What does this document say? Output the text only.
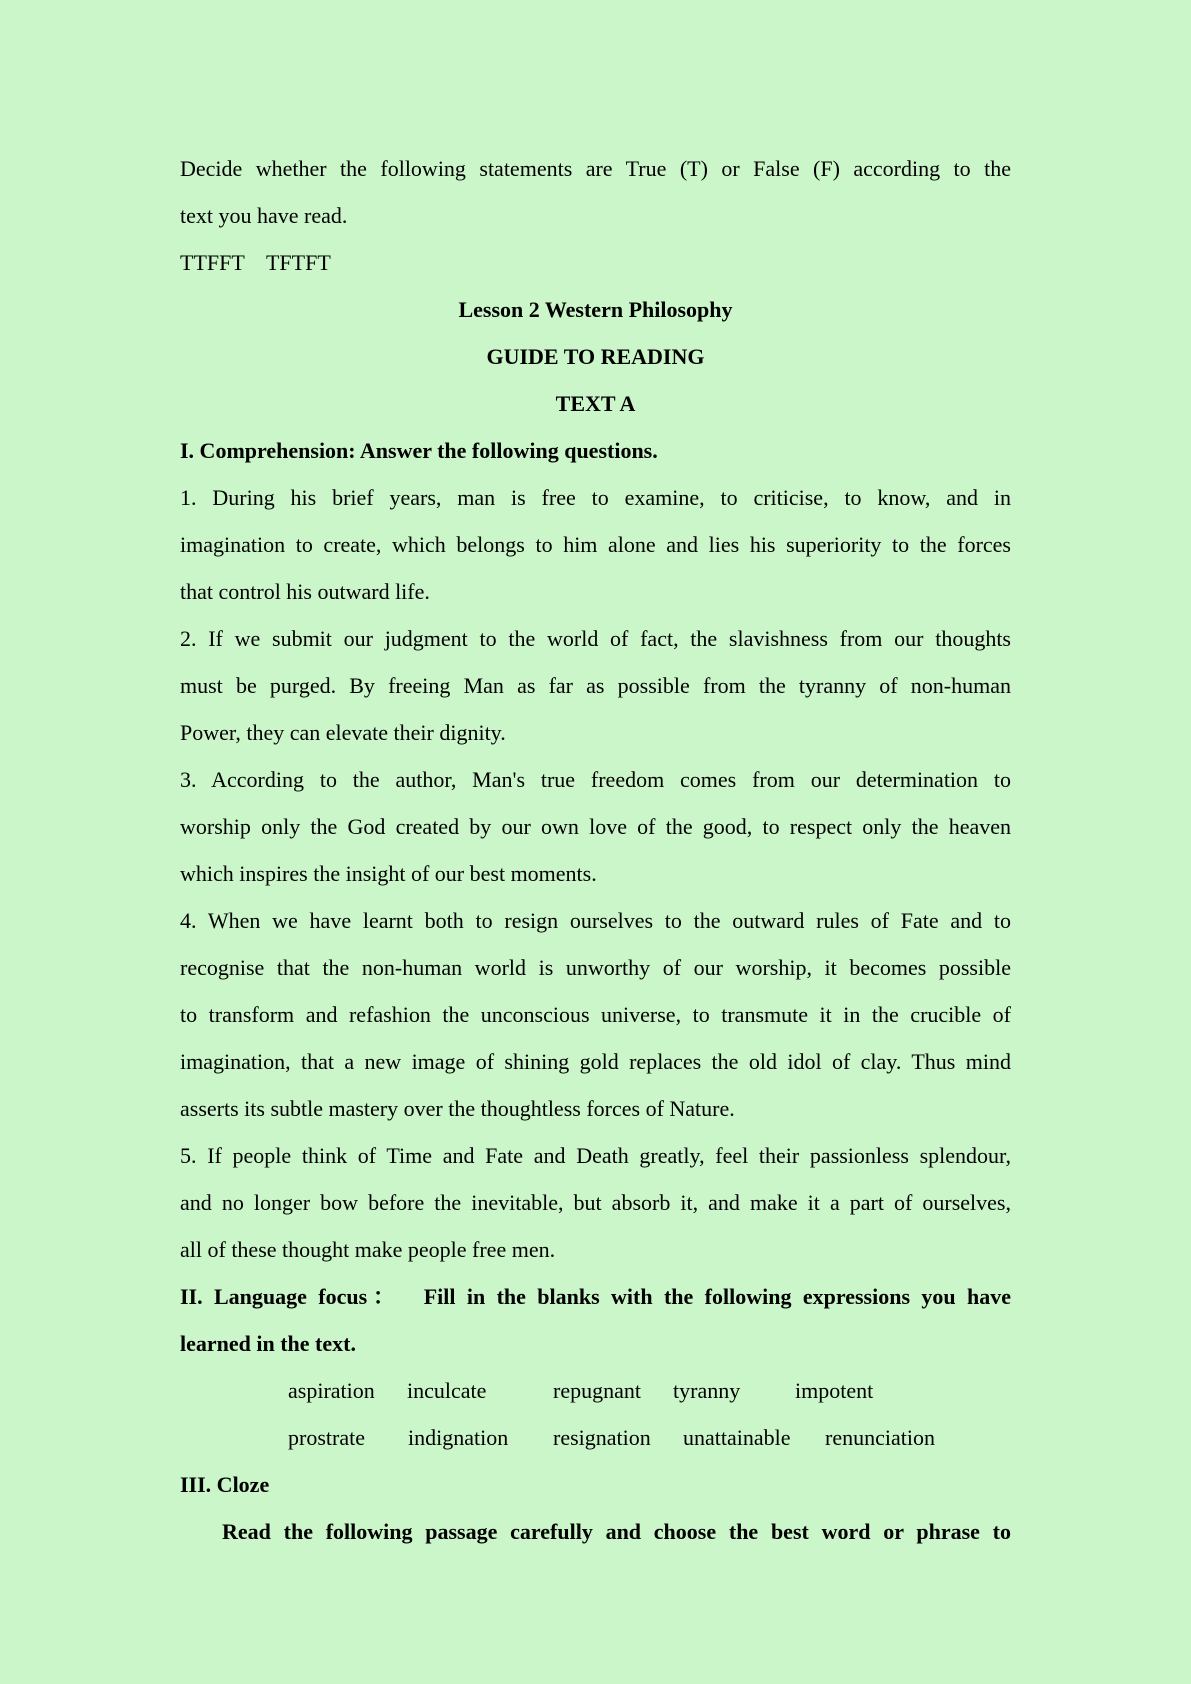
Decide whether the following statements are True (T) or False (F) according to the
text you have read.
TTFFT    TFTFT
Lesson 2 Western Philosophy
GUIDE TO READING
TEXT A
I. Comprehension: Answer the following questions.
1. During his brief years, man is free to examine, to criticise, to know, and in
imagination to create, which belongs to him alone and lies his superiority to the forces
that control his outward life.
2. If we submit our judgment to the world of fact, the slavishness from our thoughts
must be purged. By freeing Man as far as possible from the tyranny of non-human
Power, they can elevate their dignity.
3. According to the author, Man's true freedom comes from our determination to
worship only the God created by our own love of the good, to respect only the heaven
which inspires the insight of our best moments.
4. When we have learnt both to resign ourselves to the outward rules of Fate and to
recognise that the non-human world is unworthy of our worship, it becomes possible
to transform and refashion the unconscious universe, to transmute it in the crucible of
imagination, that a new image of shining gold replaces the old idol of clay. Thus mind
asserts its subtle mastery over the thoughtless forces of Nature.
5. If people think of Time and Fate and Death greatly, feel their passionless splendour,
and no longer bow before the inevitable, but absorb it, and make it a part of ourselves,
all of these thought make people free men.
II. Language focus：  Fill in the blanks with the following expressions you have
learned in the text.
aspiration inculcate	repugnant tyranny impotent
prostrate indignation resignation unattainable renunciation
III. Cloze
Read the following passage carefully and choose the best word or phrase to
